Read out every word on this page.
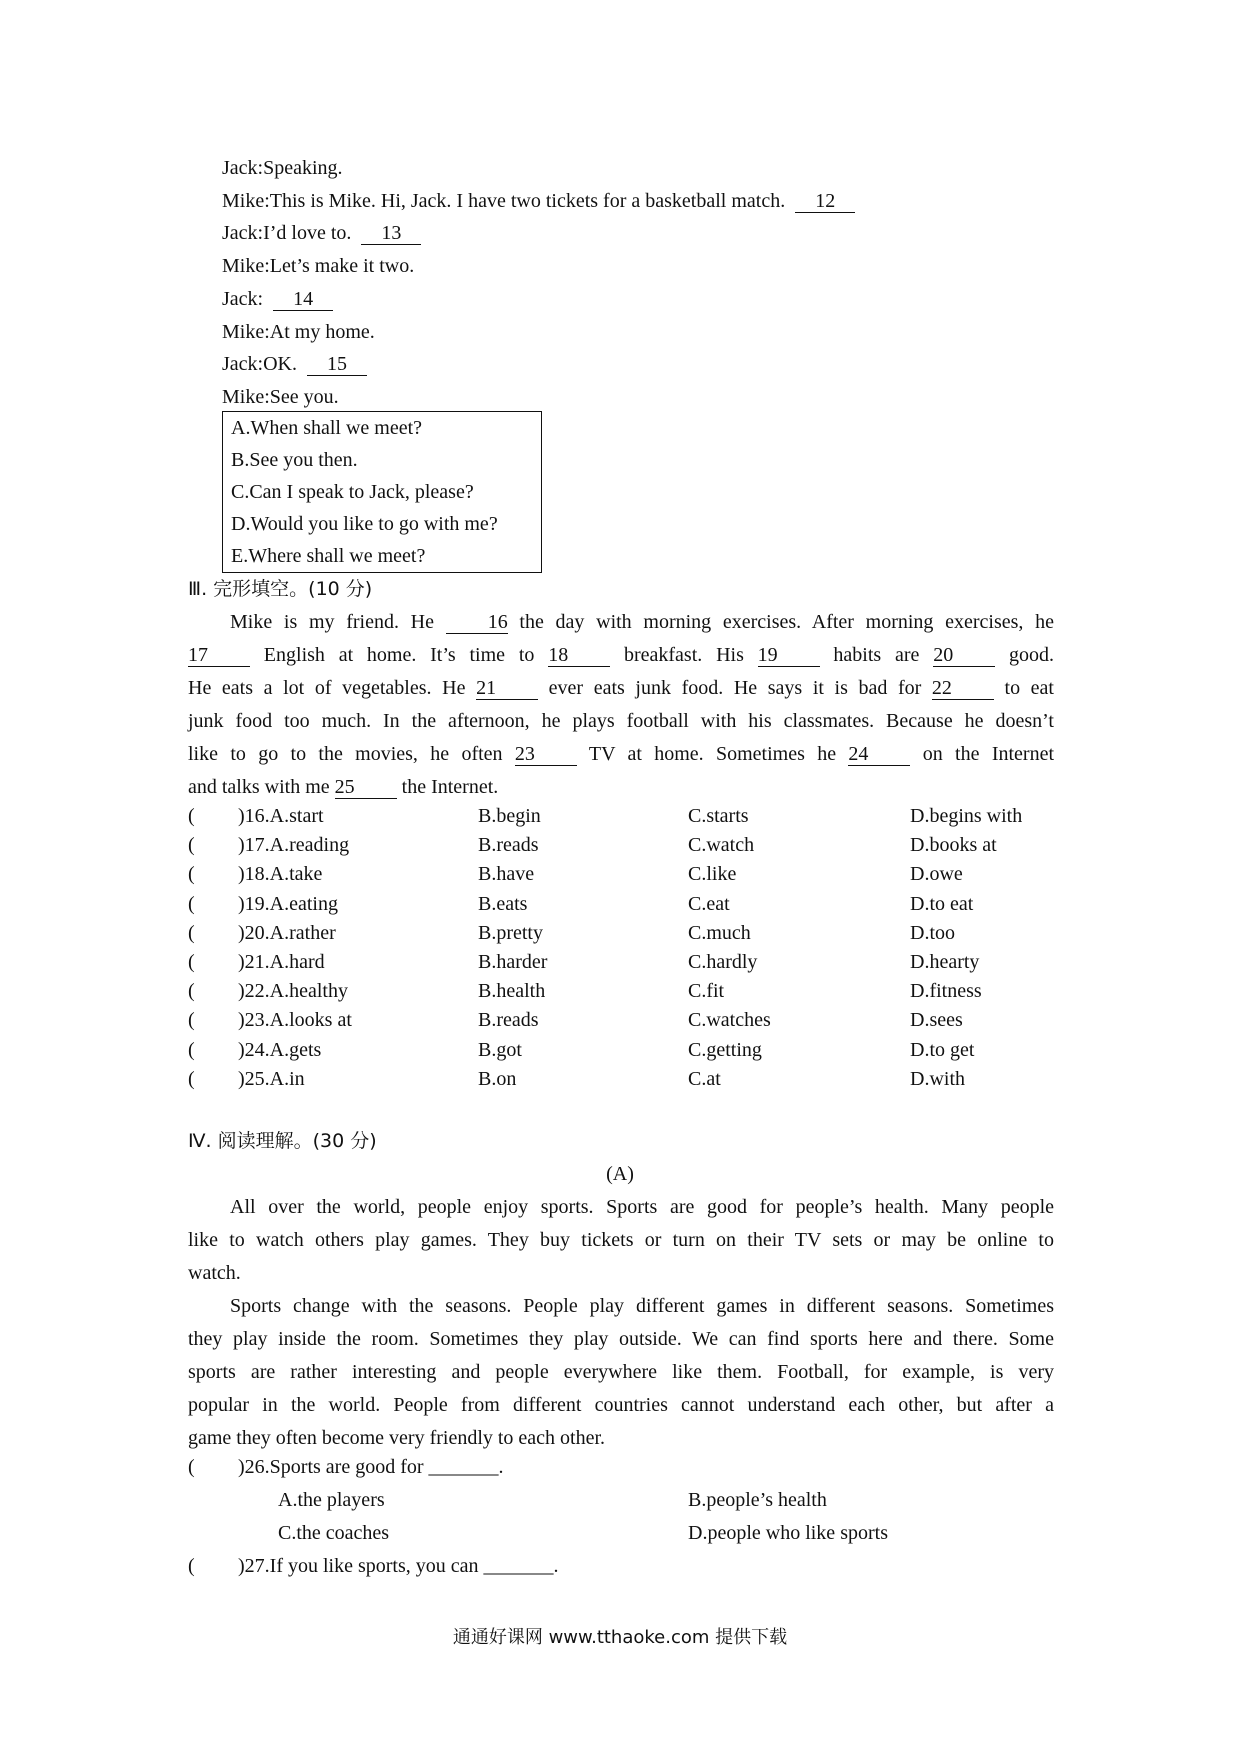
Jack:Speaking.
Mike:This is Mike. Hi, Jack. I have two tickets for a basketball match. 12
Jack:I’d love to. 13
Mike:Let’s make it two.
Jack: 14
Mike:At my home.
Jack:OK. 15
Mike:See you.
A.When shall we meet?
B.See you then.
C.Can I speak to Jack, please?
D.Would you like to go with me?
E.Where shall we meet?
Ⅲ. 完形填空。(10 分)
Mike is my friend. He 16 the day with morning exercises. After morning exercises, he
17 English at home. It’s time to 18 breakfast. His 19 habits are 20 good.
He eats a lot of vegetables. He 21 ever eats junk food. He says it is bad for 22 to eat
junk food too much. In the afternoon, he plays football with his classmates. Because he doesn’t
like to go to the movies, he often 23 TV at home. Sometimes he 24 on the Internet
and talks with me 25 the Internet.
( )16.A.start	B.begin	C.starts	D.begins with
( )17.A.reading	B.reads	C.watch	D.books at
( )18.A.take	B.have	C.like	D.owe
( )19.A.eating	B.eats	C.eat	D.to eat
( )20.A.rather	B.pretty	C.much	D.too
( )21.A.hard	B.harder	C.hardly	D.hearty
( )22.A.healthy	B.health	C.fit	D.fitness
( )23.A.looks at	B.reads	C.watches	D.sees
( )24.A.gets	B.got	C.getting	D.to get
( )25.A.in	B.on	C.at	D.with
Ⅳ. 阅读理解。(30 分)
(A)
All over the world, people enjoy sports. Sports are good for people’s health. Many people
like to watch others play games. They buy tickets or turn on their TV sets or may be online to
watch.
Sports change with the seasons. People play different games in different seasons. Sometimes
they play inside the room. Sometimes they play outside. We can find sports here and there. Some
sports are rather interesting and people everywhere like them. Football, for example, is very
popular in the world. People from different countries cannot understand each other, but after a
game they often become very friendly to each other.
( )26.Sports are good for _______.
A.the players	B.people’s health
C.the coaches	D.people who like sports
( )27.If you like sports, you can _______.
通通好课网 www.tthaoke.com 提供下载
